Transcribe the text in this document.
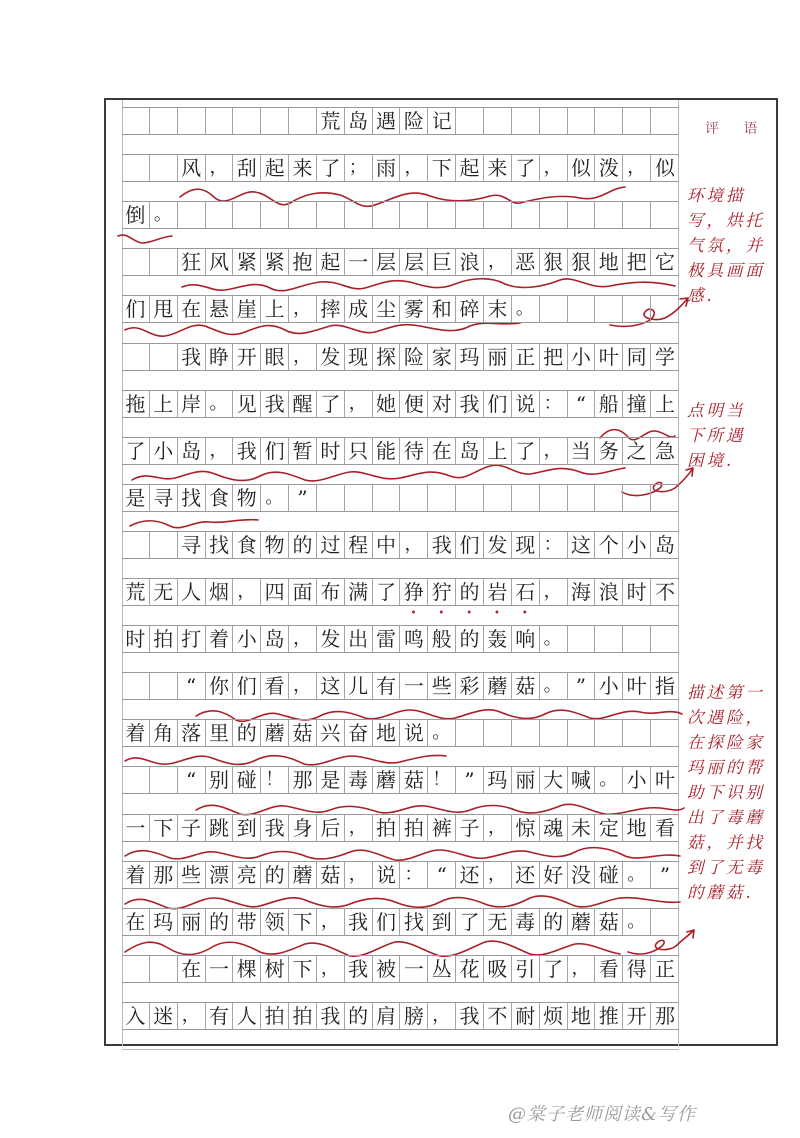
评 语
环境描
写，烘托
气氛，并
极具画面
感.
点明当
下所遇
困境.
描述第一
次遇险，
在探险家
玛丽的帮
助下识别
出了毒蘑
菇，并找
到了无毒
的蘑菇.
• • • • •
@棠子老师阅读&写作
荒 岛 遇 险 记
风 ， 刮 起 来 了 ； 雨 ， 下 起 来 了 ， 似 泼 ， 似
倒 。
狂 风 紧 紧 抱 起 一 层 层 巨 浪 ， 恶 狠 狠 地 把 它
们 甩 在 悬 崖 上 ， 摔 成 尘 雾 和 碎 末 。
我 睁 开 眼 ， 发 现 探 险 家 玛 丽 正 把 小 叶 同 学
拖 上 岸 。 见 我 醒 了 ， 她 便 对 我 们 说 ： “ 船 撞 上
了 小 岛 ， 我 们 暂 时 只 能 待 在 岛 上 了 ， 当 务 之 急
是 寻 找 食 物 。 ”
寻 找 食 物 的 过 程 中 ， 我 们 发 现 ： 这 个 小 岛
荒 无 人 烟 ， 四 面 布 满 了 狰 狞 的 岩 石 ， 海 浪 时 不
时 拍 打 着 小 岛 ， 发 出 雷 鸣 般 的 轰 响 。
“ 你 们 看 ， 这 儿 有 一 些 彩 蘑 菇 。 ” 小 叶 指
着 角 落 里 的 蘑 菇 兴 奋 地 说 。
“ 别 碰 ！ 那 是 毒 蘑 菇 ！ ” 玛 丽 大 喊 。 小 叶
一 下 子 跳 到 我 身 后 ， 拍 拍 裤 子 ， 惊 魂 未 定 地 看
着 那 些 漂 亮 的 蘑 菇 ， 说 ： “ 还 ， 还 好 没 碰 。 ”
在 玛 丽 的 带 领 下 ， 我 们 找 到 了 无 毒 的 蘑 菇 。
在 一 棵 树 下 ， 我 被 一 丛 花 吸 引 了 ， 看 得 正
入 迷 ， 有 人 拍 拍 我 的 肩 膀 ， 我 不 耐 烦 地 推 开 那
